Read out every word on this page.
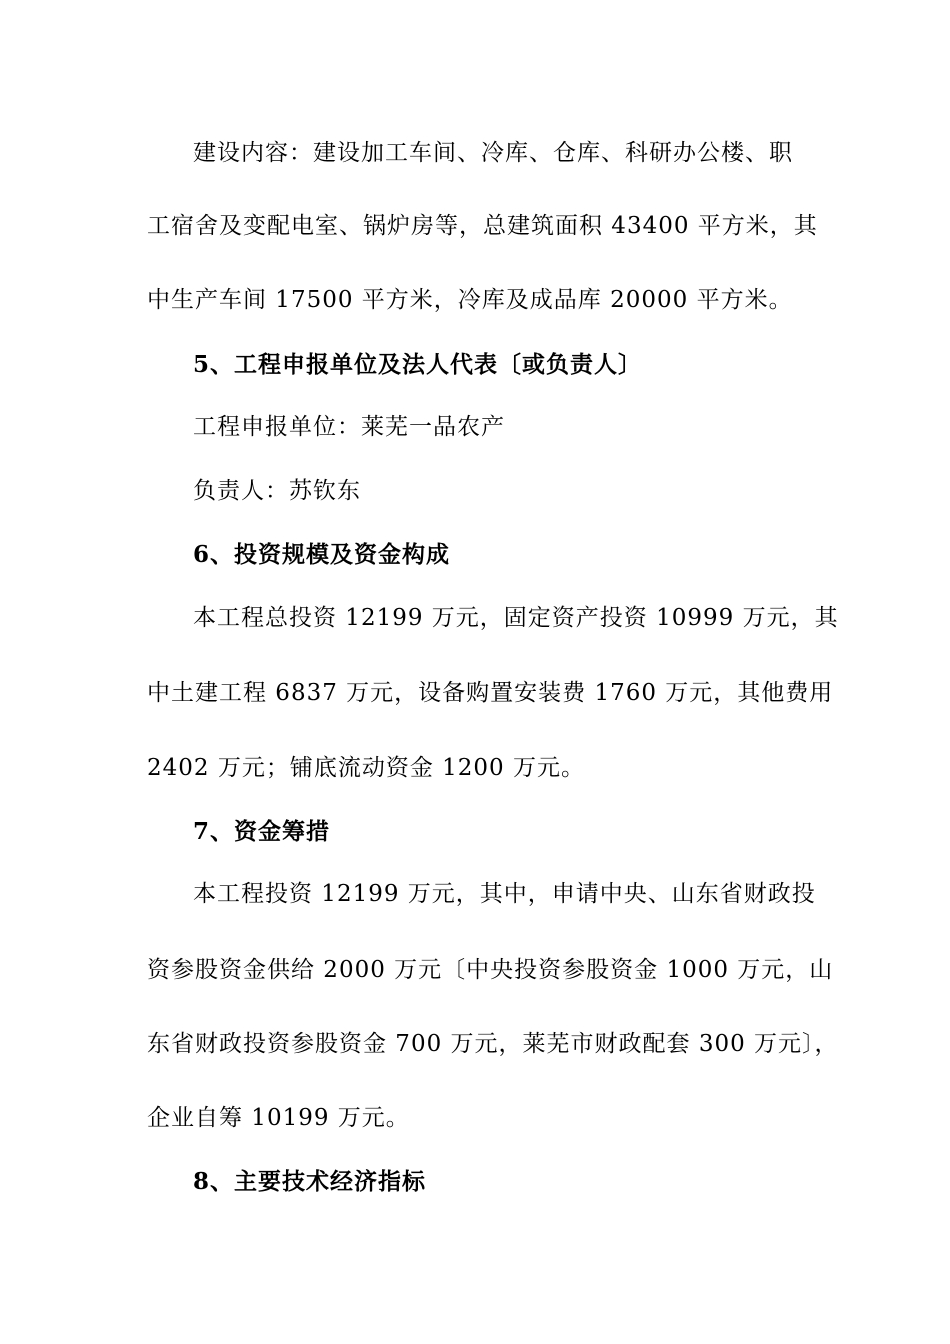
建设内容：建设加工车间、冷库、仓库、科研办公楼、职
工宿舍及变配电室、锅炉房等，总建筑面积 43400 平方米，其
中生产车间 17500 平方米，冷库及成品库 20000 平方米。
5、工程申报单位及法人代表〔或负责人〕
工程申报单位：莱芜一品农产
负责人：苏钦东
6、投资规模及资金构成
本工程总投资 12199 万元，固定资产投资 10999 万元，其
中土建工程 6837 万元，设备购置安装费 1760 万元，其他费用
2402 万元；铺底流动资金 1200 万元。
7、资金筹措
本工程投资 12199 万元，其中，申请中央、山东省财政投
资参股资金供给 2000 万元〔中央投资参股资金 1000 万元，山
东省财政投资参股资金 700 万元，莱芜市财政配套 300 万元〕，
企业自筹 10199 万元。
8、主要技术经济指标
